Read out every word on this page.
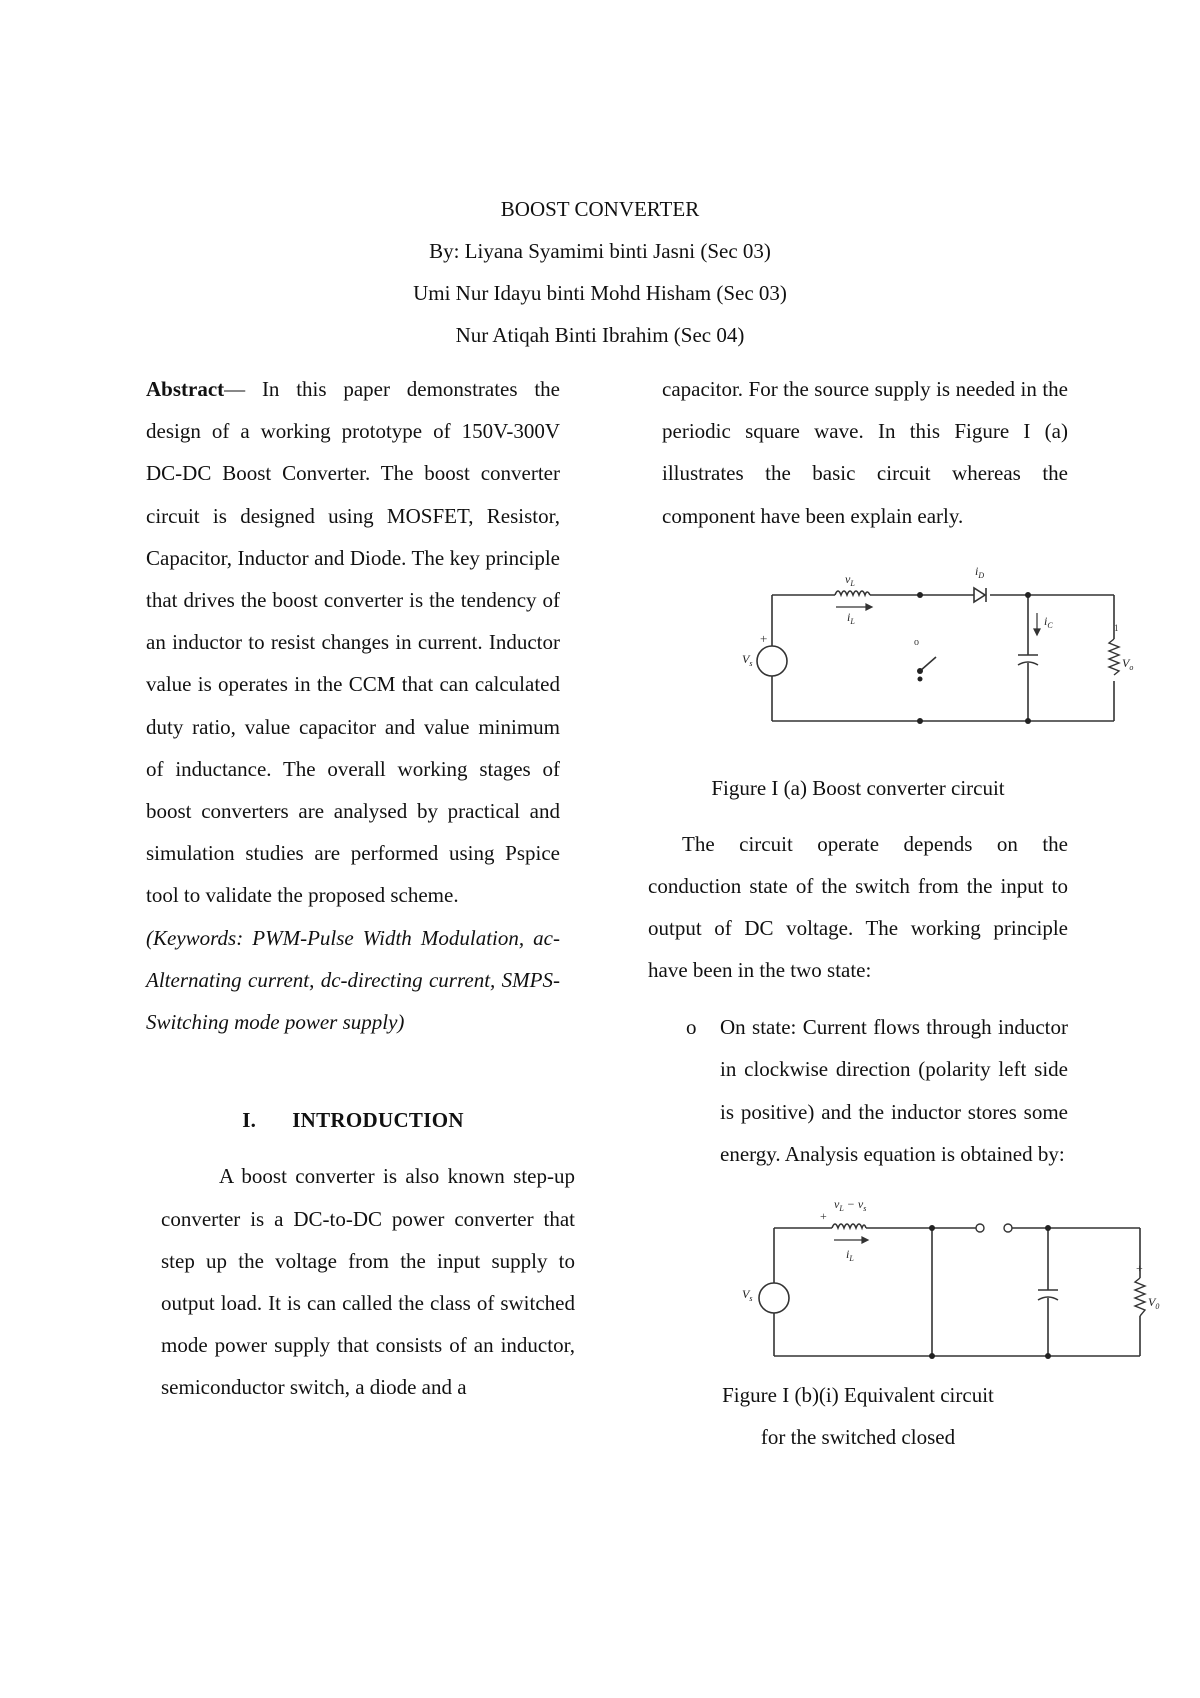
BOOST CONVERTER
By: Liyana Syamimi binti Jasni (Sec 03)
Umi Nur Idayu binti Mohd Hisham (Sec 03)
Nur Atiqah Binti Ibrahim (Sec 04)

Abstract— In this paper demonstrates the design of a working prototype of 150V-300V DC-DC Boost Converter. The boost converter circuit is designed using MOSFET, Resistor, Capacitor, Inductor and Diode. The key principle that drives the boost converter is the tendency of an inductor to resist changes in current. Inductor value is operates in the CCM that can calculated duty ratio, value capacitor and value minimum of inductance. The overall working stages of boost converters are analysed by practical and simulation studies are performed using Pspice tool to validate the proposed scheme.

(Keywords: PWM-Pulse Width Modulation, ac-Alternating current, dc-directing current, SMPS-Switching mode power supply)

I. INTRODUCTION

A boost converter is also known step-up converter is a DC-to-DC power converter that step up the voltage from the input supply to output load. It is can called the class of switched mode power supply that consists of an inductor, semiconductor switch, a diode and a

capacitor. For the source supply is needed in the periodic square wave. In this Figure I (a) illustrates the basic circuit whereas the component have been explain early.

$v_L$
$i_L$
$i_D$
$i_C$
$V_s$	$V_o$
+
1
o
Figure I (a) Boost converter circuit

The circuit operate depends on the conduction state of the switch from the input to output of DC voltage. The working principle have been in the two state:

o On state: Current flows through inductor in clockwise direction (polarity left side is positive) and the inductor stores some energy. Analysis equation is obtained by:
$v_L - v_s$
$i_L$
$V_s$	$V_0$
+
+
Figure I (b)(i) Equivalent circuit
for the switched closed
